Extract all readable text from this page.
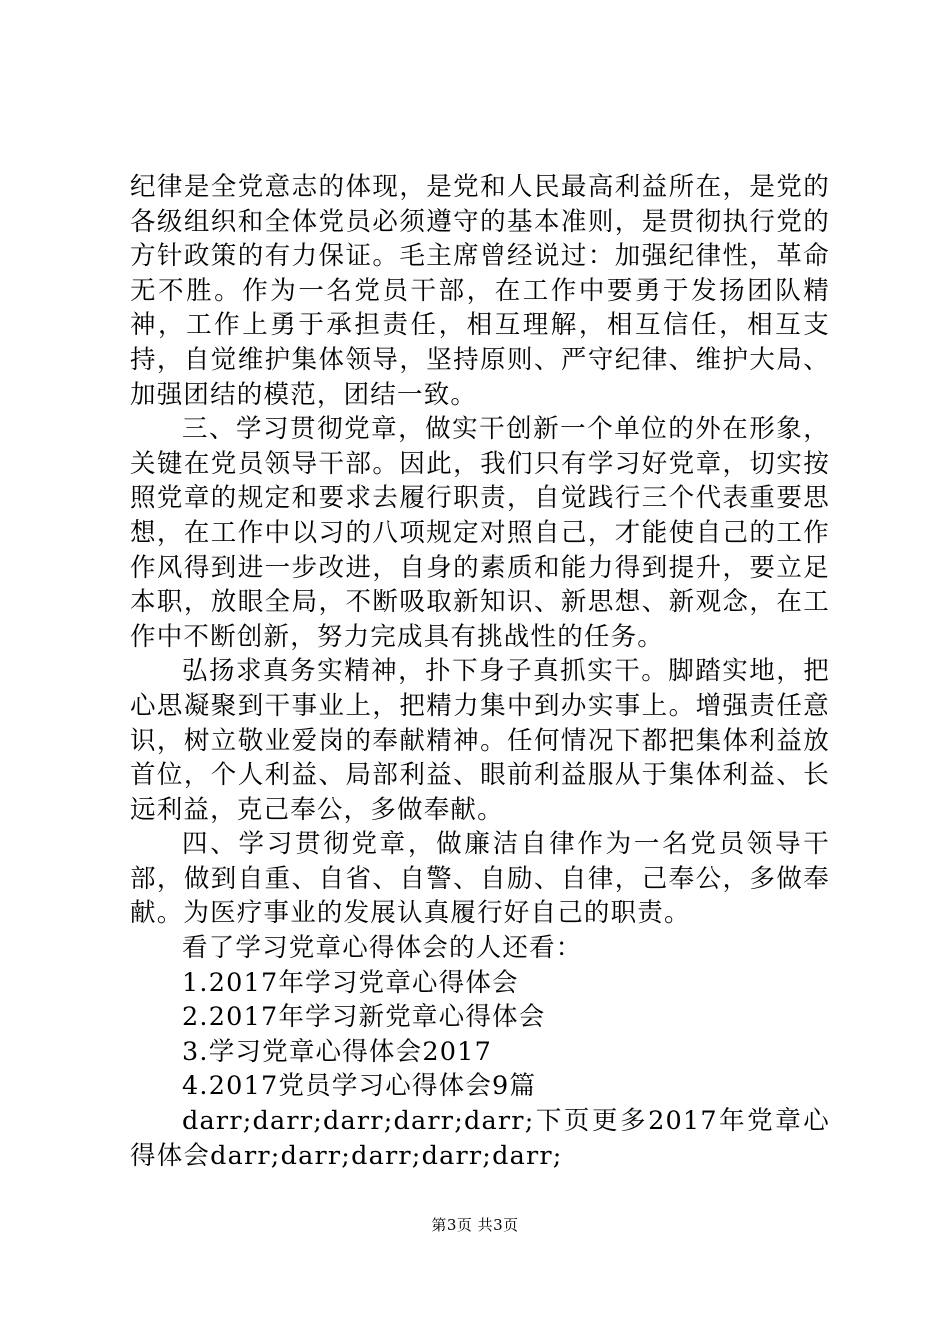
纪律是全党意志的体现，是党和人民最高利益所在，是党的各级组织和全体党员必须遵守的基本准则，是贯彻执行党的方针政策的有力保证。毛主席曾经说过：加强纪律性，革命无不胜。作为一名党员干部，在工作中要勇于发扬团队精神，工作上勇于承担责任，相互理解，相互信任，相互支持，自觉维护集体领导，坚持原则、严守纪律、维护大局、加强团结的模范，团结一致。

三、学习贯彻党章，做实干创新一个单位的外在形象，关键在党员领导干部。因此，我们只有学习好党章，切实按照党章的规定和要求去履行职责，自觉践行三个代表重要思想，在工作中以习的八项规定对照自己，才能使自己的工作作风得到进一步改进，自身的素质和能力得到提升，要立足本职，放眼全局，不断吸取新知识、新思想、新观念，在工作中不断创新，努力完成具有挑战性的任务。

弘扬求真务实精神，扑下身子真抓实干。脚踏实地，把心思凝聚到干事业上，把精力集中到办实事上。增强责任意识，树立敬业爱岗的奉献精神。任何情况下都把集体利益放首位，个人利益、局部利益、眼前利益服从于集体利益、长远利益，克己奉公，多做奉献。

四、学习贯彻党章，做廉洁自律作为一名党员领导干部，做到自重、自省、自警、自励、自律，己奉公，多做奉献。为医疗事业的发展认真履行好自己的职责。

看了学习党章心得体会的人还看：

1.2017年学习党章心得体会

2.2017年学习新党章心得体会

3.学习党章心得体会2017

4.2017党员学习心得体会9篇

darr;darr;darr;darr;darr;下页更多2017年党章心得体会darr;darr;darr;darr;darr;

第3页 共3页
